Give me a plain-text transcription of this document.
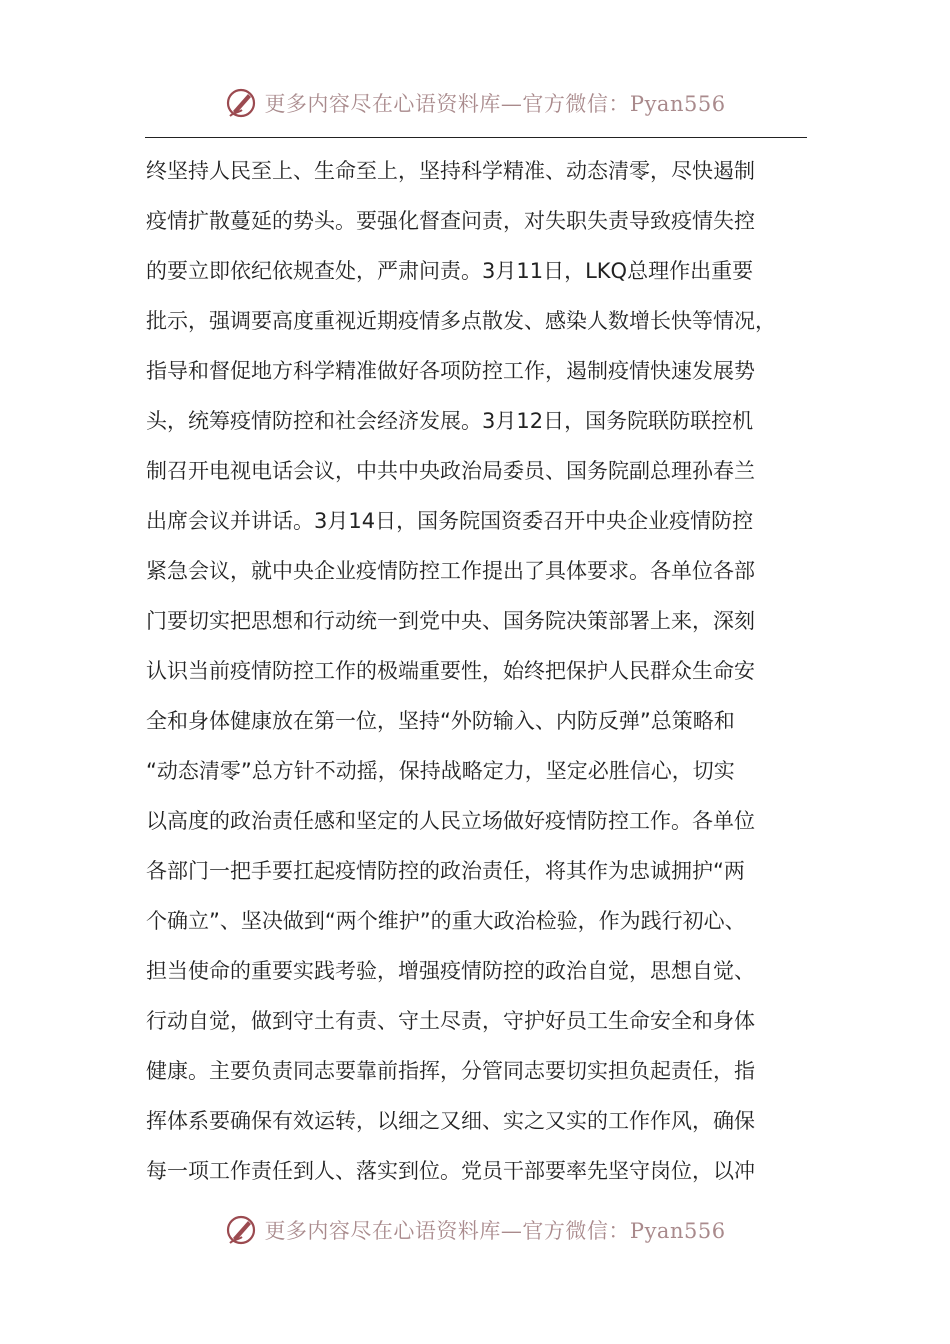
更多内容尽在心语资料库—官方微信：Pyan556
终坚持人民至上、生命至上，坚持科学精准、动态清零，尽快遏制
疫情扩散蔓延的势头。要强化督查问责，对失职失责导致疫情失控
的要立即依纪依规查处，严肃问责。3月11日，LKQ总理作出重要
批示，强调要高度重视近期疫情多点散发、感染人数增长快等情况，
指导和督促地方科学精准做好各项防控工作，遏制疫情快速发展势
头，统筹疫情防控和社会经济发展。3月12日，国务院联防联控机
制召开电视电话会议，中共中央政治局委员、国务院副总理孙春兰
出席会议并讲话。3月14日，国务院国资委召开中央企业疫情防控
紧急会议，就中央企业疫情防控工作提出了具体要求。各单位各部
门要切实把思想和行动统一到党中央、国务院决策部署上来，深刻
认识当前疫情防控工作的极端重要性，始终把保护人民群众生命安
全和身体健康放在第一位，坚持“外防输入、内防反弹”总策略和
“动态清零”总方针不动摇，保持战略定力，坚定必胜信心，切实
以高度的政治责任感和坚定的人民立场做好疫情防控工作。各单位
各部门一把手要扛起疫情防控的政治责任，将其作为忠诚拥护“两
个确立”、坚决做到“两个维护”的重大政治检验，作为践行初心、
担当使命的重要实践考验，增强疫情防控的政治自觉，思想自觉、
行动自觉，做到守土有责、守土尽责，守护好员工生命安全和身体
健康。主要负责同志要靠前指挥，分管同志要切实担负起责任，指
挥体系要确保有效运转，以细之又细、实之又实的工作作风，确保
每一项工作责任到人、落实到位。党员干部要率先坚守岗位，以冲
更多内容尽在心语资料库—官方微信：Pyan556
